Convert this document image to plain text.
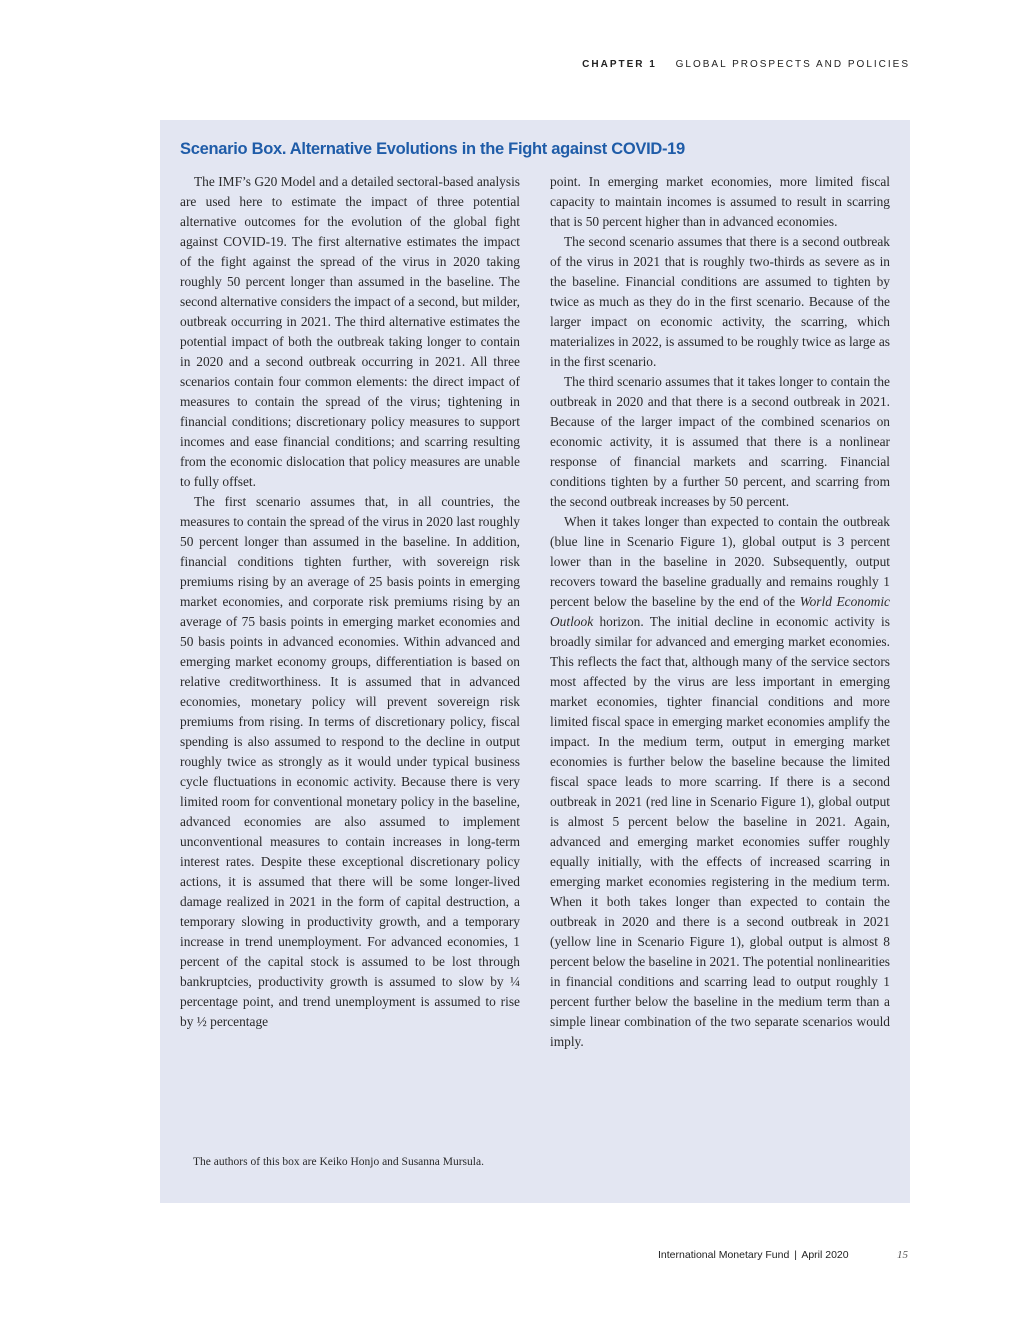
CHAPTER 1 GLOBAL PROSPECTS AND POLICIES
Scenario Box. Alternative Evolutions in the Fight against COVID-19

The IMF’s G20 Model and a detailed sectoral-based analysis are used here to estimate the impact of three potential alternative outcomes for the evolution of the global fight against COVID-19. The first alternative estimates the impact of the fight against the spread of the virus in 2020 taking roughly 50 percent longer than assumed in the baseline. The second alternative considers the impact of a second, but milder, outbreak occurring in 2021. The third alternative estimates the potential impact of both the outbreak taking longer to contain in 2020 and a second outbreak occurring in 2021. All three scenarios contain four common elements: the direct impact of measures to contain the spread of the virus; tightening in financial conditions; discretionary policy measures to support incomes and ease financial conditions; and scarring resulting from the economic dislocation that policy measures are unable to fully offset.

The first scenario assumes that, in all countries, the measures to contain the spread of the virus in 2020 last roughly 50 percent longer than assumed in the baseline. In addition, financial conditions tighten further, with sovereign risk premiums rising by an average of 25 basis points in emerging market economies, and corporate risk premiums rising by an average of 75 basis points in emerging market economies and 50 basis points in advanced economies. Within advanced and emerging market economy groups, differentiation is based on relative creditworthiness. It is assumed that in advanced economies, monetary policy will prevent sovereign risk premiums from rising. In terms of discretionary policy, fiscal spending is also assumed to respond to the decline in output roughly twice as strongly as it would under typical business cycle fluctuations in economic activity. Because there is very limited room for conventional monetary policy in the baseline, advanced economies are also assumed to implement unconventional measures to contain increases in long-term interest rates. Despite these exceptional discretionary policy actions, it is assumed that there will be some longer-lived damage realized in 2021 in the form of capital destruction, a temporary slowing in productivity growth, and a temporary increase in trend unemployment. For advanced economies, 1 percent of the capital stock is assumed to be lost through bankruptcies, productivity growth is assumed to slow by ¼ percentage point, and trend unemployment is assumed to rise by ½ percentage

point. In emerging market economies, more limited fiscal capacity to maintain incomes is assumed to result in scarring that is 50 percent higher than in advanced economies.

The second scenario assumes that there is a second outbreak of the virus in 2021 that is roughly two-thirds as severe as in the baseline. Financial conditions are assumed to tighten by twice as much as they do in the first scenario. Because of the larger impact on economic activity, the scarring, which materializes in 2022, is assumed to be roughly twice as large as in the first scenario.

The third scenario assumes that it takes longer to contain the outbreak in 2020 and that there is a second outbreak in 2021. Because of the larger impact of the combined scenarios on economic activity, it is assumed that there is a nonlinear response of financial markets and scarring. Financial conditions tighten by a further 50 percent, and scarring from the second outbreak increases by 50 percent.

When it takes longer than expected to contain the outbreak (blue line in Scenario Figure 1), global output is 3 percent lower than in the baseline in 2020. Subsequently, output recovers toward the baseline gradually and remains roughly 1 percent below the baseline by the end of the World Economic Outlook horizon. The initial decline in economic activity is broadly similar for advanced and emerging market economies. This reflects the fact that, although many of the service sectors most affected by the virus are less important in emerging market economies, tighter financial conditions and more limited fiscal space in emerging market economies amplify the impact. In the medium term, output in emerging market economies is further below the baseline because the limited fiscal space leads to more scarring. If there is a second outbreak in 2021 (red line in Scenario Figure 1), global output is almost 5 percent below the baseline in 2021. Again, advanced and emerging market economies suffer roughly equally initially, with the effects of increased scarring in emerging market economies registering in the medium term. When it both takes longer than expected to contain the outbreak in 2020 and there is a second outbreak in 2021 (yellow line in Scenario Figure 1), global output is almost 8 percent below the baseline in 2021. The potential nonlinearities in financial conditions and scarring lead to output roughly 1 percent further below the baseline in the medium term than a simple linear combination of the two separate scenarios would imply.

The authors of this box are Keiko Honjo and Susanna Mursula.
International Monetary Fund | April 2020	15
